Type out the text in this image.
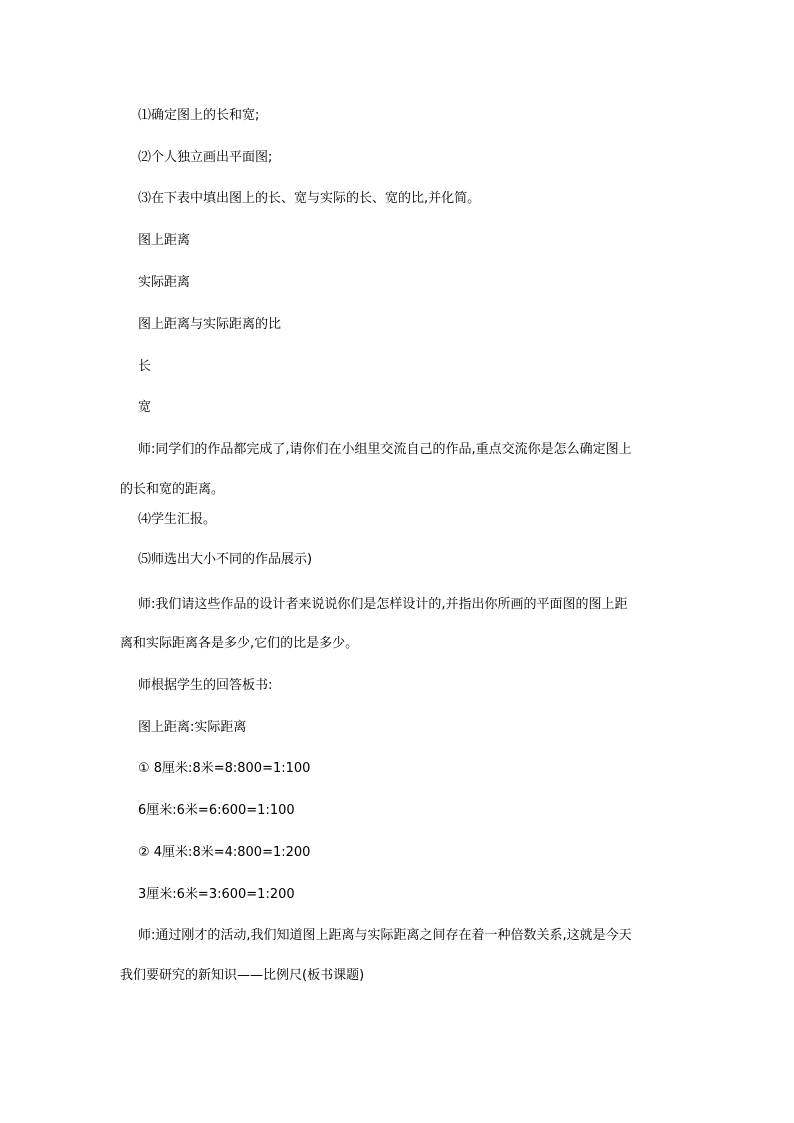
⑴确定图上的长和宽;
⑵个人独立画出平面图;
⑶在下表中填出图上的长、宽与实际的长、宽的比,并化简。
图上距离
实际距离
图上距离与实际距离的比
长
宽
师:同学们的作品都完成了,请你们在小组里交流自己的作品,重点交流你是怎么确定图上
的长和宽的距离。
⑷学生汇报。
⑸师选出大小不同的作品展示)
师:我们请这些作品的设计者来说说你们是怎样设计的,并指出你所画的平面图的图上距
离和实际距离各是多少,它们的比是多少。
师根据学生的回答板书:
图上距离:实际距离
① 8厘米:8米=8:800=1:100
6厘米:6米=6:600=1:100
② 4厘米:8米=4:800=1:200
3厘米:6米=3:600=1:200
师:通过刚才的活动,我们知道图上距离与实际距离之间存在着一种倍数关系,这就是今天
我们要研究的新知识——比例尺(板书课题)
